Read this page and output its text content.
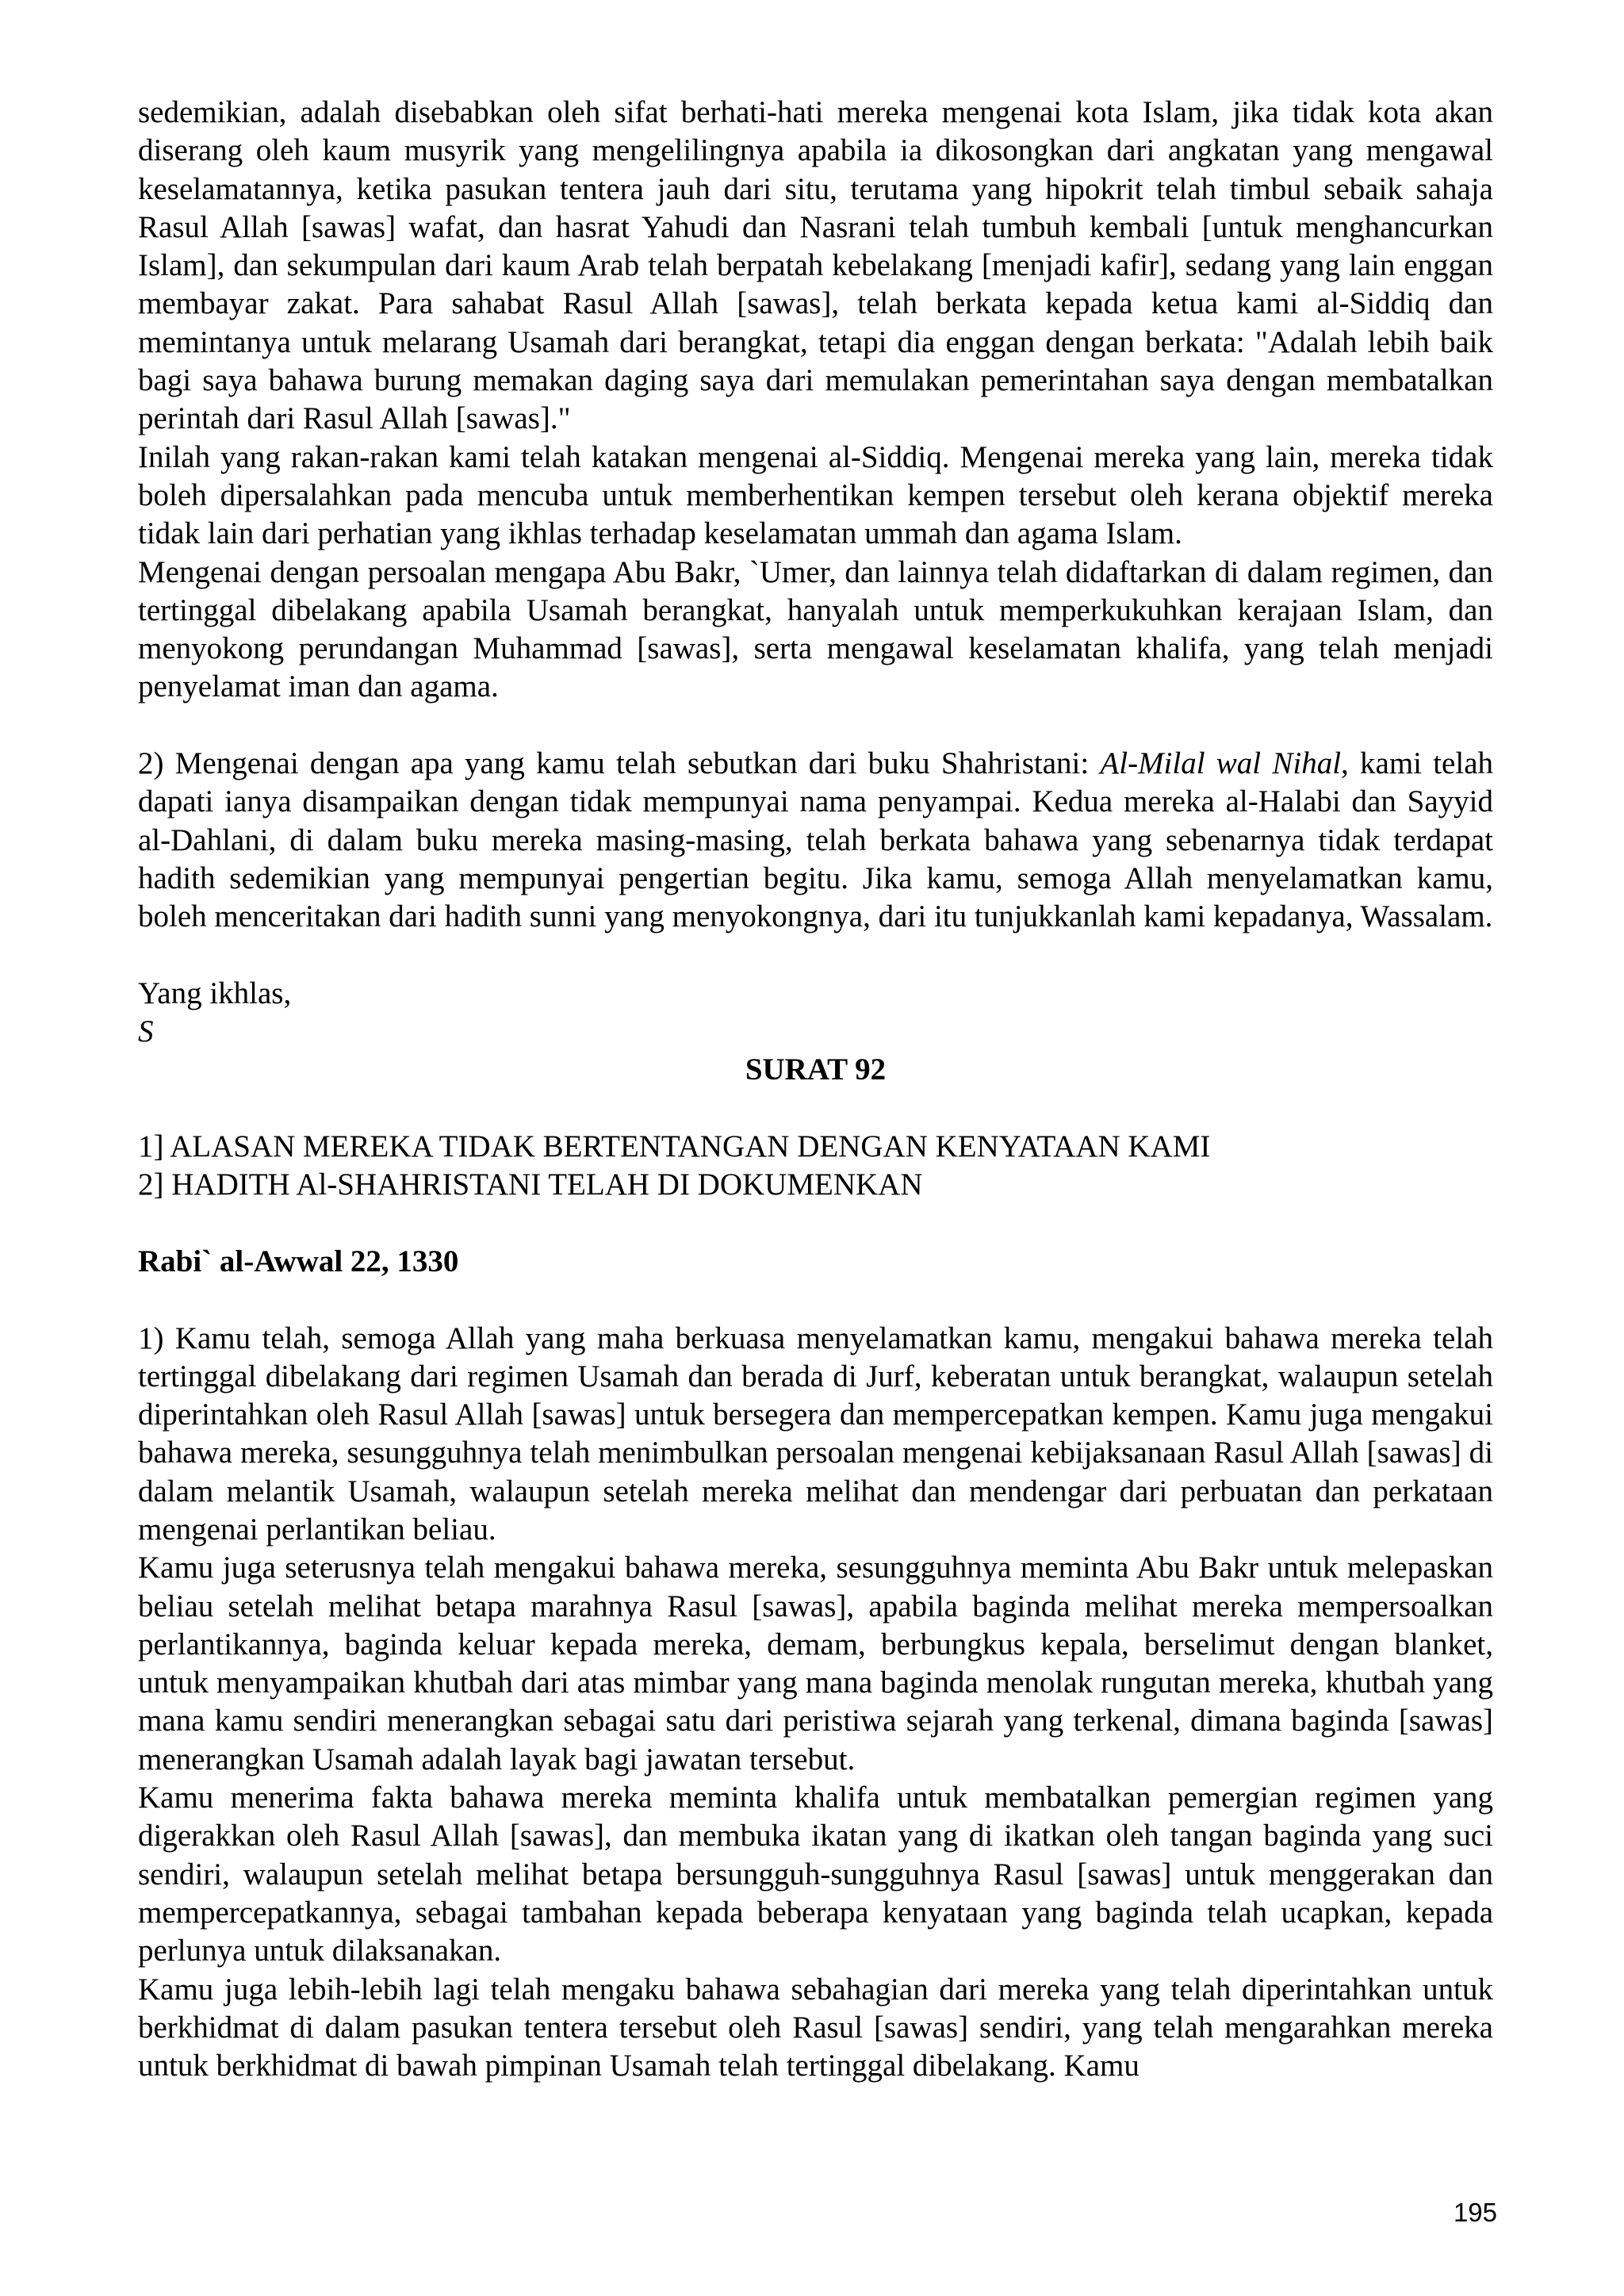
sedemikian, adalah disebabkan oleh sifat berhati-hati mereka mengenai kota Islam, jika tidak kota akan diserang oleh kaum musyrik yang mengelilingnya apabila ia dikosongkan dari angkatan yang mengawal keselamatannya, ketika pasukan tentera jauh dari situ, terutama yang hipokrit telah timbul sebaik sahaja Rasul Allah [sawas] wafat, dan hasrat Yahudi dan Nasrani telah tumbuh kembali [untuk menghancurkan Islam], dan sekumpulan dari kaum Arab telah berpatah kebelakang [menjadi kafir], sedang yang lain enggan membayar zakat. Para sahabat Rasul Allah [sawas], telah berkata kepada ketua kami al-Siddiq dan memintanya untuk melarang Usamah dari berangkat, tetapi dia enggan dengan berkata: "Adalah lebih baik bagi saya bahawa burung memakan daging saya dari memulakan pemerintahan saya dengan membatalkan perintah dari Rasul Allah [sawas]."

Inilah yang rakan-rakan kami telah katakan mengenai al-Siddiq. Mengenai mereka yang lain, mereka tidak boleh dipersalahkan pada mencuba untuk memberhentikan kempen tersebut oleh kerana objektif mereka tidak lain dari perhatian yang ikhlas terhadap keselamatan ummah dan agama Islam.

Mengenai dengan persoalan mengapa Abu Bakr, `Umer, dan lainnya telah didaftarkan di dalam regimen, dan tertinggal dibelakang apabila Usamah berangkat, hanyalah untuk memperkukuhkan kerajaan Islam, dan menyokong perundangan Muhammad [sawas], serta mengawal keselamatan khalifa, yang telah menjadi penyelamat iman dan agama.

2) Mengenai dengan apa yang kamu telah sebutkan dari buku Shahristani: Al-Milal wal Nihal, kami telah dapati ianya disampaikan dengan tidak mempunyai nama penyampai. Kedua mereka al-Halabi dan Sayyid al-Dahlani, di dalam buku mereka masing-masing, telah berkata bahawa yang sebenarnya tidak terdapat hadith sedemikian yang mempunyai pengertian begitu. Jika kamu, semoga Allah menyelamatkan kamu, boleh menceritakan dari hadith sunni yang menyokongnya, dari itu tunjukkanlah kami kepadanya, Wassalam.

Yang ikhlas,

S

SURAT 92

1] ALASAN MEREKA TIDAK BERTENTANGAN DENGAN KENYATAAN KAMI

2] HADITH Al-SHAHRISTANI TELAH DI DOKUMENKAN

Rabi` al-Awwal 22, 1330

1) Kamu telah, semoga Allah yang maha berkuasa menyelamatkan kamu, mengakui bahawa mereka telah tertinggal dibelakang dari regimen Usamah dan berada di Jurf, keberatan untuk berangkat, walaupun setelah diperintahkan oleh Rasul Allah [sawas] untuk bersegera dan mempercepatkan kempen. Kamu juga mengakui bahawa mereka, sesungguhnya telah menimbulkan persoalan mengenai kebijaksanaan Rasul Allah [sawas] di dalam melantik Usamah, walaupun setelah mereka melihat dan mendengar dari perbuatan dan perkataan mengenai perlantikan beliau.

Kamu juga seterusnya telah mengakui bahawa mereka, sesungguhnya meminta Abu Bakr untuk melepaskan beliau setelah melihat betapa marahnya Rasul [sawas], apabila baginda melihat mereka mempersoalkan perlantikannya, baginda keluar kepada mereka, demam, berbungkus kepala, berselimut dengan blanket, untuk menyampaikan khutbah dari atas mimbar yang mana baginda menolak rungutan mereka, khutbah yang mana kamu sendiri menerangkan sebagai satu dari peristiwa sejarah yang terkenal, dimana baginda [sawas] menerangkan Usamah adalah layak bagi jawatan tersebut.

Kamu menerima fakta bahawa mereka meminta khalifa untuk membatalkan pemergian regimen yang digerakkan oleh Rasul Allah [sawas], dan membuka ikatan yang di ikatkan oleh tangan baginda yang suci sendiri, walaupun setelah melihat betapa bersungguh-sungguhnya Rasul [sawas] untuk menggerakan dan mempercepatkannya, sebagai tambahan kepada beberapa kenyataan yang baginda telah ucapkan, kepada perlunya untuk dilaksanakan.

Kamu juga lebih-lebih lagi telah mengaku bahawa sebahagian dari mereka yang telah diperintahkan untuk berkhidmat di dalam pasukan tentera tersebut oleh Rasul [sawas] sendiri, yang telah mengarahkan mereka untuk berkhidmat di bawah pimpinan Usamah telah tertinggal dibelakang. Kamu

195
